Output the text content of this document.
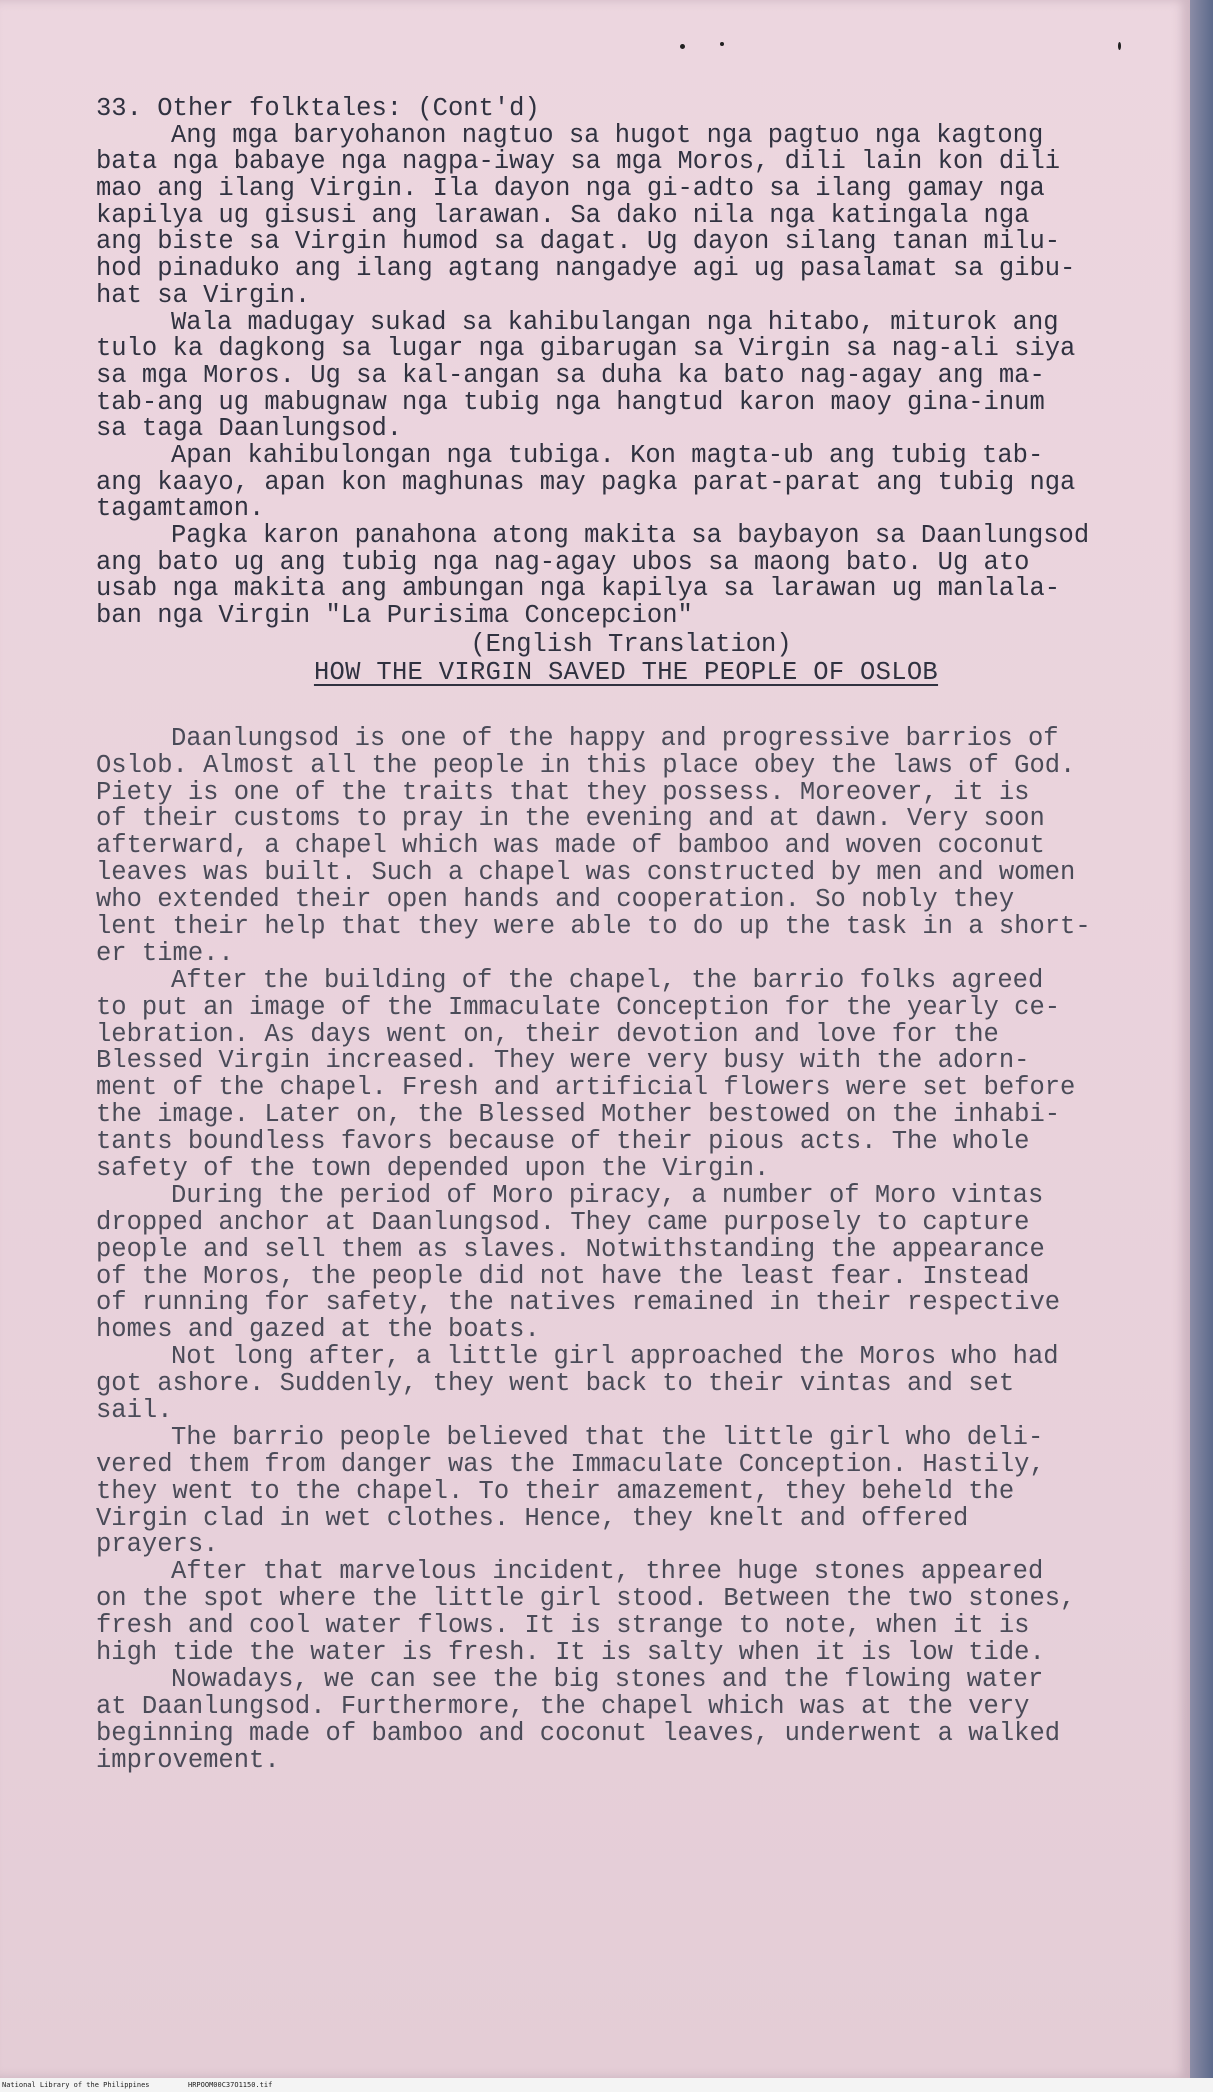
33. Other folktales: (Cont'd)
Ang mga baryohanon nagtuo sa hugot nga pagtuo nga kagtong
bata nga babaye nga nagpa-iway sa mga Moros, dili lain kon dili
mao ang ilang Virgin. Ila dayon nga gi-adto sa ilang gamay nga
kapilya ug gisusi ang larawan. Sa dako nila nga katingala nga
ang biste sa Virgin humod sa dagat. Ug dayon silang tanan milu-
hod pinaduko ang ilang agtang nangadye agi ug pasalamat sa gibu-
hat sa Virgin.
Wala madugay sukad sa kahibulangan nga hitabo, miturok ang
tulo ka dagkong sa lugar nga gibarugan sa Virgin sa nag-ali siya
sa mga Moros. Ug sa kal-angan sa duha ka bato nag-agay ang ma-
tab-ang ug mabugnaw nga tubig nga hangtud karon maoy gina-inum
sa taga Daanlungsod.
Apan kahibulongan nga tubiga. Kon magta-ub ang tubig tab-
ang kaayo, apan kon maghunas may pagka parat-parat ang tubig nga
tagamtamon.
Pagka karon panahona atong makita sa baybayon sa Daanlungsod
ang bato ug ang tubig nga nag-agay ubos sa maong bato. Ug ato
usab nga makita ang ambungan nga kapilya sa larawan ug manlala-
ban nga Virgin "La Purisima Concepcion"
(English Translation)
HOW THE VIRGIN SAVED THE PEOPLE OF OSLOB
Daanlungsod is one of the happy and progressive barrios of
Oslob. Almost all the people in this place obey the laws of God.
Piety is one of the traits that they possess. Moreover, it is
of their customs to pray in the evening and at dawn. Very soon
afterward, a chapel which was made of bamboo and woven coconut
leaves was built. Such a chapel was constructed by men and women
who extended their open hands and cooperation. So nobly they
lent their help that they were able to do up the task in a short-
er time..
After the building of the chapel, the barrio folks agreed
to put an image of the Immaculate Conception for the yearly ce-
lebration. As days went on, their devotion and love for the
Blessed Virgin increased. They were very busy with the adorn-
ment of the chapel. Fresh and artificial flowers were set before
the image. Later on, the Blessed Mother bestowed on the inhabi-
tants boundless favors because of their pious acts. The whole
safety of the town depended upon the Virgin.
During the period of Moro piracy, a number of Moro vintas
dropped anchor at Daanlungsod. They came purposely to capture
people and sell them as slaves. Notwithstanding the appearance
of the Moros, the people did not have the least fear. Instead
of running for safety, the natives remained in their respective
homes and gazed at the boats.
Not long after, a little girl approached the Moros who had
got ashore. Suddenly, they went back to their vintas and set
sail.
The barrio people believed that the little girl who deli-
vered them from danger was the Immaculate Conception. Hastily,
they went to the chapel. To their amazement, they beheld the
Virgin clad in wet clothes. Hence, they knelt and offered
prayers.
After that marvelous incident, three huge stones appeared
on the spot where the little girl stood. Between the two stones,
fresh and cool water flows. It is strange to note, when it is
high tide the water is fresh. It is salty when it is low tide.
Nowadays, we can see the big stones and the flowing water
at Daanlungsod. Furthermore, the chapel which was at the very
beginning made of bamboo and coconut leaves, underwent a walked
improvement.
National Library of the Philippines	HRPOOM00C37O1150.tif
